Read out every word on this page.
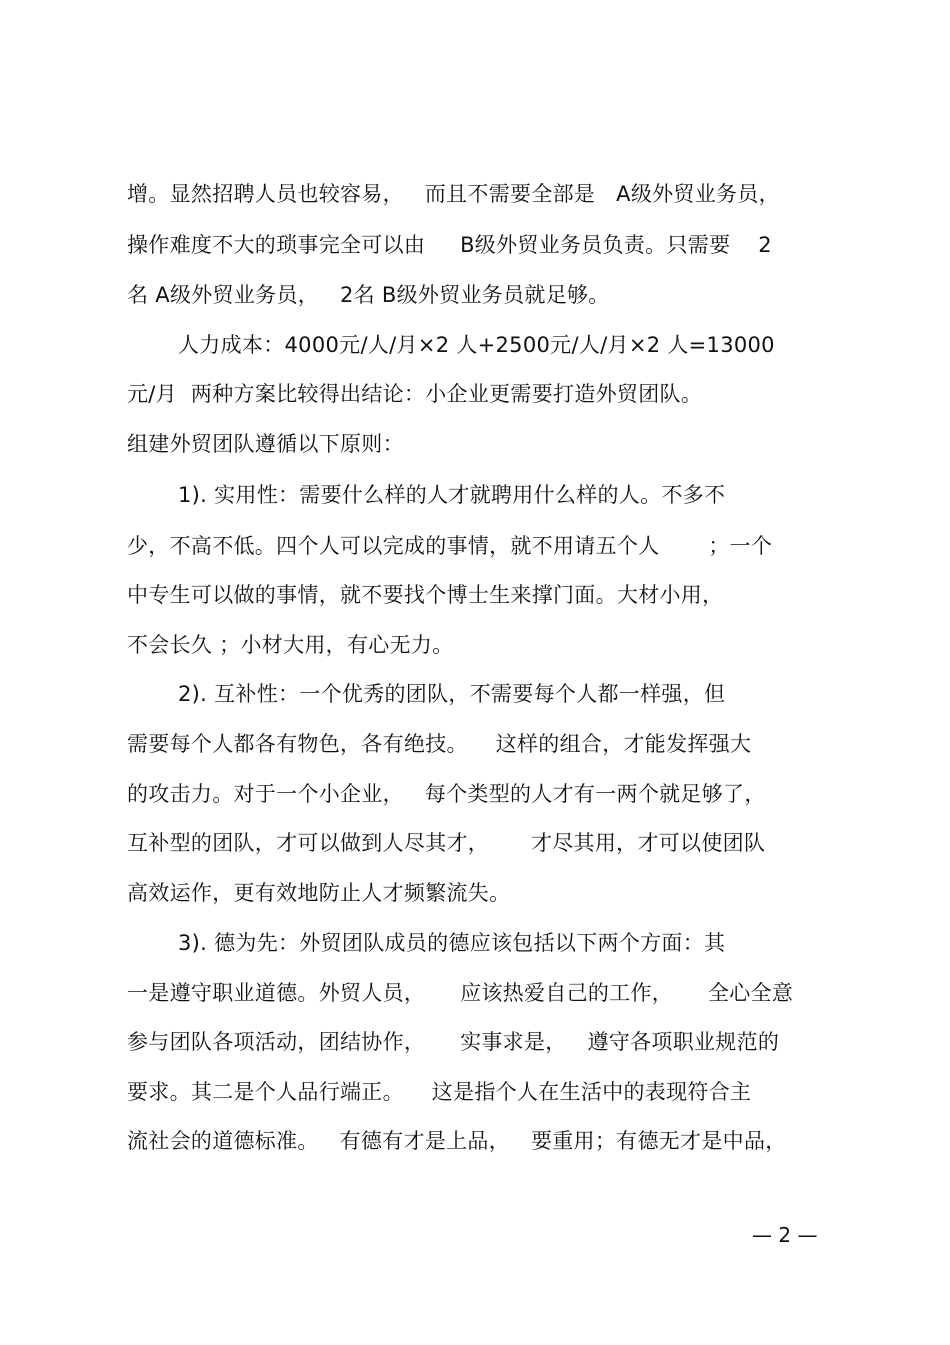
增。显然招聘人员也较容易，   而且不需要全部是   A级外贸业务员，
操作难度不大的琐事完全可以由     B级外贸业务员负责。只需要    2
名 A级外贸业务员，   2名 B级外贸业务员就足够。
人力成本：4000元/人/月×2 人+2500元/人/月×2 人=13000
元/月  两种方案比较得出结论：小企业更需要打造外贸团队。
组建外贸团队遵循以下原则：
1). 实用性：需要什么样的人才就聘用什么样的人。不多不
少，不高不低。四个人可以完成的事情，就不用请五个人       ；一个
中专生可以做的事情，就不要找个博士生来撑门面。大材小用，
不会长久 ；小材大用，有心无力。
2). 互补性：一个优秀的团队，不需要每个人都一样强，但
需要每个人都各有物色，各有绝技。    这样的组合，才能发挥强大
的攻击力。对于一个小企业，   每个类型的人才有一两个就足够了，
互补型的团队，才可以做到人尽其才，      才尽其用，才可以使团队
高效运作，更有效地防止人才频繁流失。
3). 德为先：外贸团队成员的德应该包括以下两个方面：其
一是遵守职业道德。外贸人员，     应该热爱自己的工作，     全心全意
参与团队各项活动，团结协作，     实事求是，   遵守各项职业规范的
要求。其二是个人品行端正。    这是指个人在生活中的表现符合主
流社会的道德标准。   有德有才是上品，   要重用；有德无才是中品，
— 2 —
